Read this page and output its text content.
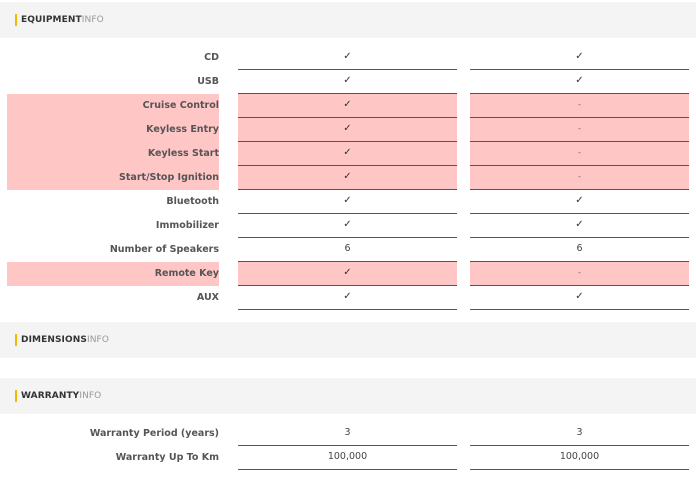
EQUIPMENTINFO
CD	✓	✓
USB	✓	✓
Cruise Control	✓	-
Keyless Entry	✓	-
Keyless Start	✓	-
Start/Stop Ignition	✓	-
Bluetooth	✓	✓
Immobilizer	✓	✓
Number of Speakers	6	6
Remote Key	✓	-
AUX	✓	✓
DIMENSIONSINFO
WARRANTYINFO
Warranty Period (years)	3	3
Warranty Up To Km	100,000	100,000
